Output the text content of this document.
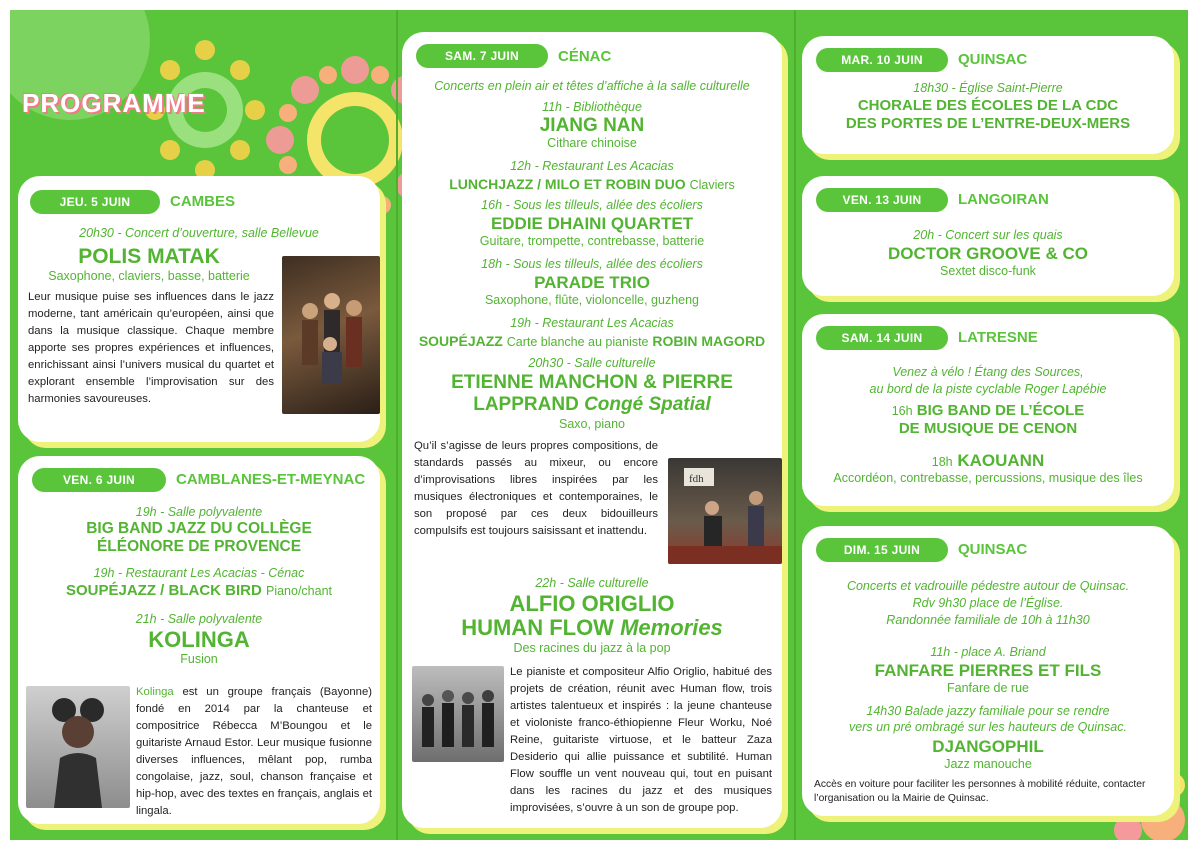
PROGRAMME
JEU. 5 JUIN	CAMBES
20h30 - Concert d’ouverture, salle Bellevue
POLIS MATAK
Saxophone, claviers, basse, batterie
Leur musique puise ses influences dans le jazz moderne, tant américain qu’européen, ainsi que dans la musique classique. Chaque membre apporte ses propres expériences et influences, enrichissant ainsi l’univers musical du quartet et explorant ensemble l’improvisation sur des harmonies savoureuses.
VEN. 6 JUIN	CAMBLANES-ET-MEYNAC
19h - Salle polyvalente
BIG BAND JAZZ DU COLLÈGE
ÉLÉONORE DE PROVENCE
19h - Restaurant Les Acacias - Cénac
SOUPÉJAZZ / BLACK BIRD Piano/chant
21h - Salle polyvalente
KOLINGA
Fusion
Kolinga est un groupe français (Bayonne) fondé en 2014 par la chanteuse et compositrice Rébecca M’Boungou et le guitariste Arnaud Estor. Leur musique fusionne diverses influences, mêlant pop, rumba congolaise, jazz, soul, chanson française et hip-hop, avec des textes en français, anglais et lingala.
SAM. 7 JUIN	CÉNAC
Concerts en plein air et têtes d’affiche à la salle culturelle
11h - Bibliothèque
JIANG NAN
Cithare chinoise
12h - Restaurant Les Acacias
LUNCHJAZZ / MILO ET ROBIN DUO Claviers
16h - Sous les tilleuls, allée des écoliers
EDDIE DHAINI QUARTET
Guitare, trompette, contrebasse, batterie
18h - Sous les tilleuls, allée des écoliers
PARADE TRIO
Saxophone, flûte, violoncelle, guzheng
19h - Restaurant Les Acacias
SOUPÉJAZZ Carte blanche au pianiste ROBIN MAGORD
20h30 - Salle culturelle
ETIENNE MANCHON & PIERRE
LAPPRAND Congé Spatial
Saxo, piano
Qu’il s’agisse de leurs propres compositions, de standards passés au mixeur, ou encore d’improvisations libres inspirées par les musiques électroniques et contemporaines, le son proposé par ces deux bidouilleurs compulsifs est toujours saisissant et inattendu.
fdh
22h - Salle culturelle
ALFIO ORIGLIO
HUMAN FLOW Memories
Des racines du jazz à la pop
Le pianiste et compositeur Alfio Origlio, habitué des projets de création, réunit avec Human flow, trois artistes talentueux et inspirés : la jeune chanteuse et violoniste franco-éthiopienne Fleur Worku, Noé Reine, guitariste virtuose, et le batteur Zaza Desiderio qui allie puissance et subtilité. Human Flow souffle un vent nouveau qui, tout en puisant dans les racines du jazz et des musiques improvisées, s’ouvre à un son de groupe pop.
MAR. 10 JUIN	QUINSAC
18h30 - Église Saint-Pierre
CHORALE DES ÉCOLES DE LA CDC
DES PORTES DE L’ENTRE-DEUX-MERS
VEN. 13 JUIN	LANGOIRAN
20h - Concert sur les quais
DOCTOR GROOVE & CO
Sextet disco-funk
SAM. 14 JUIN	LATRESNE
Venez à vélo ! Étang des Sources,
au bord de la piste cyclable Roger Lapébie
16h BIG BAND DE L’ÉCOLE
DE MUSIQUE DE CENON
18h KAOUANN
Accordéon, contrebasse, percussions, musique des îles
DIM. 15 JUIN	QUINSAC
Concerts et vadrouille pédestre autour de Quinsac.
Rdv 9h30 place de l’Église.
Randonnée familiale de 10h à 11h30
11h - place A. Briand
FANFARE PIERRES ET FILS
Fanfare de rue
14h30 Balade jazzy familiale pour se rendre
vers un pré ombragé sur les hauteurs de Quinsac.
DJANGOPHIL
Jazz manouche
Accès en voiture pour faciliter les personnes à mobilité réduite, contacter l’organisation ou la Mairie de Quinsac.
